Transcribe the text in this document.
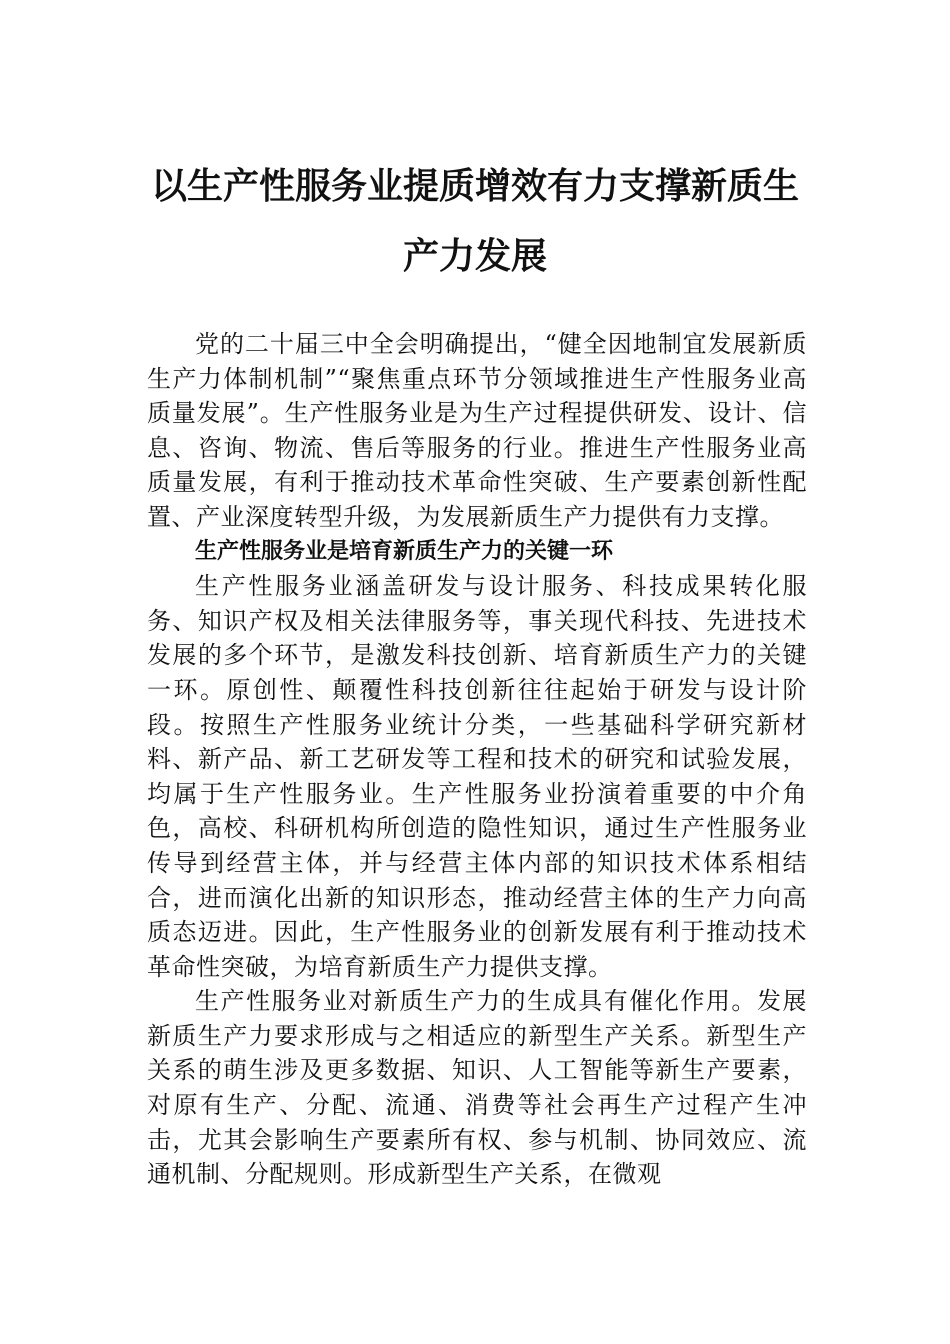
以生产性服务业提质增效有力支撑新质生
产力发展

党的二十届三中全会明确提出，“健全因地制宜发展新质生产力体制机制”“聚焦重点环节分领域推进生产性服务业高质量发展”。生产性服务业是为生产过程提供研发、设计、信息、咨询、物流、售后等服务的行业。推进生产性服务业高质量发展，有利于推动技术革命性突破、生产要素创新性配置、产业深度转型升级，为发展新质生产力提供有力支撑。

生产性服务业是培育新质生产力的关键一环

生产性服务业涵盖研发与设计服务、科技成果转化服务、知识产权及相关法律服务等，事关现代科技、先进技术发展的多个环节，是激发科技创新、培育新质生产力的关键一环。原创性、颠覆性科技创新往往起始于研发与设计阶段。按照生产性服务业统计分类，一些基础科学研究新材料、新产品、新工艺研发等工程和技术的研究和试验发展，均属于生产性服务业。生产性服务业扮演着重要的中介角色，高校、科研机构所创造的隐性知识，通过生产性服务业传导到经营主体，并与经营主体内部的知识技术体系相结合，进而演化出新的知识形态，推动经营主体的生产力向高质态迈进。因此，生产性服务业的创新发展有利于推动技术革命性突破，为培育新质生产力提供支撑。

生产性服务业对新质生产力的生成具有催化作用。发展新质生产力要求形成与之相适应的新型生产关系。新型生产关系的萌生涉及更多数据、知识、人工智能等新生产要素，对原有生产、分配、流通、消费等社会再生产过程产生冲击，尤其会影响生产要素所有权、参与机制、协同效应、流通机制、分配规则。形成新型生产关系，在微观
